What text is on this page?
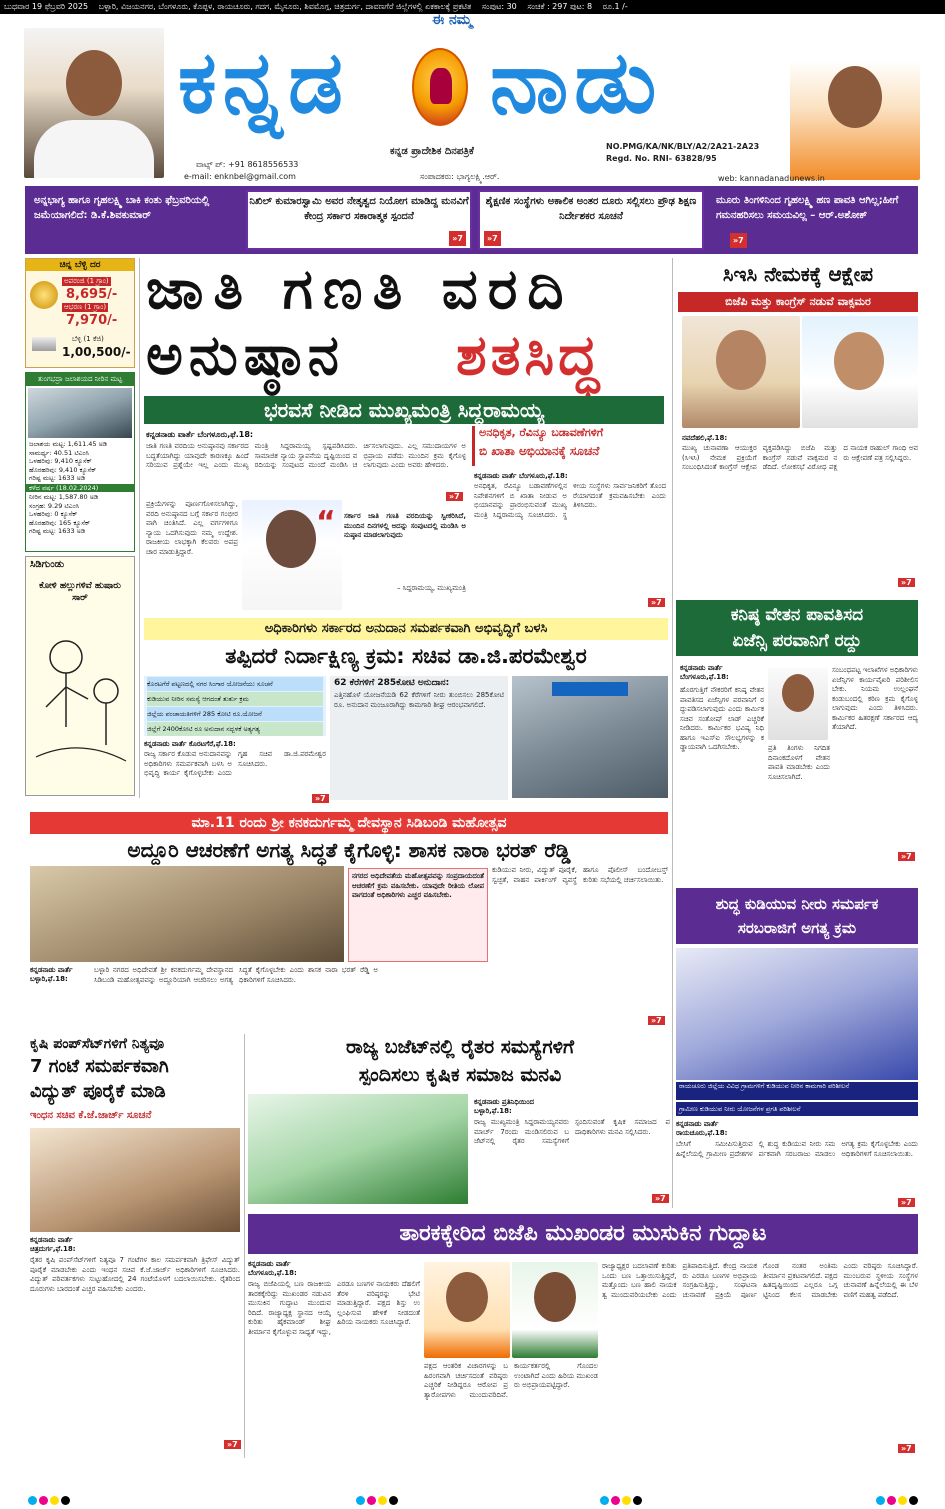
ಬುಧವಾರ 19 ಫೆಬ್ರವರಿ 2025 ಬಳ್ಳಾರಿ, ವಿಜಯನಗರ, ಬೆಂಗಳೂರು, ಕೊಪ್ಪಳ, ರಾಯಚೂರು, ಗದಗ, ಮೈಸೂರು, ಶಿವಮೊಗ್ಗ, ಚಿತ್ರದುರ್ಗ, ದಾವಣಗೆರೆ ಜಿಲ್ಲೆಗಳಲ್ಲಿ ಏಕಕಾಲಕ್ಕೆ ಪ್ರಕಟಿತ ಸಂಪುಟ: 30 ಸಂಚಿಕೆ : 297 ಪುಟ: 8 ರೂ.1 /-
ಈ ನಮ್ಮ
ಕನ್ನಡ ನಾಡು
ಕನ್ನಡ ಪ್ರಾದೇಶಿಕ ದಿನಪತ್ರಿಕೆ
ಸಂಪಾದಕರು: ಭಾಗ್ಯಲಕ್ಷ್ಮಿ.ಆರ್.
ವಾಟ್ಸ್ ಪ್: +91 8618556533
e-mail: enknbel@gmail.com
NO.PMG/KA/NK/BLY/A2/2A21-2A23
Regd. No. RNI- 63828/95
web: kannadanadunews.in
ಅನ್ನಭಾಗ್ಯ ಹಾಗೂ ಗೃಹಲಕ್ಷ್ಮಿ ಬಾಕಿ ಕಂತು ಫೆಬ್ರವರಿಯಲ್ಲಿ ಜಮೆಯಾಗಲಿದೆ: ಡಿ.ಕೆ.ಶಿವಕುಮಾರ್
ನಿಖಿಲ್ ಕುಮಾರಸ್ವಾಮಿ ಅವರ ನೇತೃತ್ವದ ನಿಯೋಗ ಮಾಡಿದ್ದ ಮನವಿಗೆ ಕೇಂದ್ರ ಸರ್ಕಾರ ಸಕಾರಾತ್ಮಕ ಸ್ಪಂದನೆ
»7
ಶೈಕ್ಷಣಿಕ ಸಂಸ್ಥೆಗಳು ಅಕಾಲಿಕ ಅಂತರ ದೂರು ಸಲ್ಲಿಸಲು ಪ್ರೌಢ ಶಿಕ್ಷಣ ನಿರ್ದೇಶಕರ ಸೂಚನೆ
»7
ಮೂರು ತಿಂಗಳಿನಿಂದ ಗೃಹಲಕ್ಷ್ಮಿ ಹಣ ಪಾವತಿ ಆಗಿಲ್ಲ;ಹೀಗೆ ಗಮನಹರಿಸಲು ಸಮಯವಿಲ್ಲ – ಆರ್.ಅಶೋಕ್
»7
ಚಿನ್ನ ಬೆಳ್ಳಿ ದರ
ಅಪರಂಜಿ (1 ಗ್ರಾಂ)
8,695/-
ಆಭರಣ (1 ಗ್ರಾಂ)
7,970/-
ಬೆಳ್ಳಿ (1 ಕೆಜಿ)
1,00,500/-
ತುಂಗಭದ್ರಾ ಜಲಾಶಯದ ನೀರಿನ ಮಟ್ಟ
ಜಲಾಶಯ ಮಟ್ಟ: 1,611.45 ಅಡಿ
ಸಾಮರ್ಥ್ಯ: 40.51 ಟಿಎಂಸಿ
ಒಳಹರಿವು: 9,410 ಕ್ಯೂಸೆಕ್
ಹೊರಹರಿವು: 9,410 ಕ್ಯೂಸೆಕ್
ಗರಿಷ್ಟ ಮಟ್ಟ: 1633 ಅಡಿ
ಕಳೆದ ವರ್ಷ (18.02.2024)
ನೀರಿನ ಮಟ್ಟ: 1,587.80 ಅಡಿ
ಸಂಗ್ರಹ: 9.29 ಟಿಎಂಸಿ
ಒಳಹರಿವು: 0 ಕ್ಯೂಸೆಕ್
ಹೊರಹರಿವು: 165 ಕ್ಯೂಸೆಕ್
ಗರಿಷ್ಟ ಮಟ್ಟ: 1633 ಅಡಿ
ಸಿಡಿಗುಂಡು
ಕೋಳಿ ಹಲ್ಲುಗಳಿವೆ ಹುಷಾರು ಸಾರ್
ಜಾತಿ ಗಣತಿ ವರದಿ
ಅನುಷ್ಠಾನ ಶತಸಿದ್ಧ
ಭರವಸೆ ನೀಡಿದ ಮುಖ್ಯಮಂತ್ರಿ ಸಿದ್ದರಾಮಯ್ಯ
ಕನ್ನಡನಾಡು ವಾರ್ತೆ ಬೆಂಗಳೂರು,ಫೆ.18:
ಜಾತಿ ಗಣತಿ ವರದಿಯ ಅನುಷ್ಠಾನವು ಸರ್ಕಾರದ ಬದ್ಧತೆಯಾಗಿದ್ದು ಯಾವುದೇ ಕಾರಣಕ್ಕೂ ಹಿಂದೆ ಸರಿಯುವ ಪ್ರಶ್ನೆಯೇ ಇಲ್ಲ ಎಂದು ಮುಖ್ಯಮಂತ್ರಿ ಸಿದ್ದರಾಮಯ್ಯ ಸ್ಪಷ್ಟಪಡಿಸಿದರು. ಸಾಮಾಜಿಕ ನ್ಯಾಯ ಸ್ಥಾಪನೆಯ ದೃಷ್ಟಿಯಿಂದ ವರದಿಯನ್ನು ಸಂಪುಟದ ಮುಂದೆ ಮಂಡಿಸಿ ಚರ್ಚಿಸಲಾಗುವುದು. ಎಲ್ಲ ಸಮುದಾಯಗಳ ಅಭಿಪ್ರಾಯ ಪಡೆದು ಮುಂದಿನ ಕ್ರಮ ಕೈಗೊಳ್ಳಲಾಗುವುದು ಎಂದು ಅವರು ಹೇಳಿದರು.
“ ಸರ್ಕಾರ ಜಾತಿ ಗಣತಿ ವರದಿಯನ್ನು ಸ್ವೀಕರಿಸಿದೆ, ಮುಂದಿನ ದಿನಗಳಲ್ಲಿ ಅದನ್ನು ಸಂಪುಟದಲ್ಲಿ ಮಂಡಿಸಿ ಅನುಷ್ಠಾನ ಮಾಡಲಾಗುವುದು
– ಸಿದ್ದರಾಮಯ್ಯ, ಮುಖ್ಯಮಂತ್ರಿ
ಪ್ರಕ್ರಿಯೆಗಳನ್ನು ಪೂರ್ಣಗೊಳಿಸಲಾಗಿದ್ದು, ವರದಿ ಅನುಷ್ಠಾನದ ಬಗ್ಗೆ ಸರ್ಕಾರ ಗಂಭೀರವಾಗಿ ಚಿಂತಿಸಿದೆ. ಎಲ್ಲ ವರ್ಗಗಳಿಗೂ ನ್ಯಾಯ ಒದಗಿಸುವುದು ನಮ್ಮ ಉದ್ದೇಶ. ರಾಜಕೀಯ ಲಾಭಕ್ಕಾಗಿ ಕೆಲವರು ಅಪಪ್ರಚಾರ ಮಾಡುತ್ತಿದ್ದಾರೆ.
»7
ಅನಧಿಕೃತ, ರೆವಿನ್ಯೂ ಬಡಾವಣೆಗಳಿಗೆ
ಬಿ ಖಾತಾ ಅಭಿಯಾನಕ್ಕೆ ಸೂಚನೆ
ಕನ್ನಡನಾಡು ವಾರ್ತೆ ಬೆಂಗಳೂರು,ಫೆ.18:
ಅನಧಿಕೃತ, ರೆವಿನ್ಯೂ ಬಡಾವಣೆಗಳಲ್ಲಿನ ನಿವೇಶನಗಳಿಗೆ ಬಿ ಖಾತಾ ನೀಡುವ ಅಭಿಯಾನವನ್ನು ಪ್ರಾರಂಭಿಸುವಂತೆ ಮುಖ್ಯಮಂತ್ರಿ ಸಿದ್ದರಾಮಯ್ಯ ಸೂಚಿಸಿದರು. ಸ್ಥಳೀಯ ಸಂಸ್ಥೆಗಳು ಸಾರ್ವಜನಿಕರಿಗೆ ತೊಂದರೆಯಾಗದಂತೆ ಕ್ರಮವಹಿಸಬೇಕು ಎಂದು ತಿಳಿಸಿದರು.
»7
ಸಿಇಸಿ ನೇಮಕಕ್ಕೆ ಆಕ್ಷೇಪ
ಬಿಜೆಪಿ ಮತ್ತು ಕಾಂಗ್ರೆಸ್ ನಡುವೆ ವಾಕ್ಸಮರ
ನವದೆಹಲಿ,ಫೆ.18:
ಮುಖ್ಯ ಚುನಾವಣಾ ಆಯುಕ್ತರ (ಸಿಇಸಿ) ನೇಮಕ ಪ್ರಕ್ರಿಯೆಗೆ ಸಂಬಂಧಿಸಿದಂತೆ ಕಾಂಗ್ರೆಸ್ ಆಕ್ಷೇಪ ವ್ಯಕ್ತಪಡಿಸಿದ್ದು ಬಿಜೆಪಿ ಮತ್ತು ಕಾಂಗ್ರೆಸ್ ನಡುವೆ ವಾಕ್ಸಮರ ನಡೆದಿದೆ. ಲೋಕಸಭೆ ವಿರೋಧ ಪಕ್ಷದ ನಾಯಕ ರಾಹುಲ್ ಗಾಂಧಿ ಅವರು ಆಕ್ಷೇಪಣೆ ಪತ್ರ ಸಲ್ಲಿಸಿದ್ದರು.
»7
ಕನಿಷ್ಠ ವೇತನ ಪಾವತಿಸದ
ಏಜೆನ್ಸಿ ಪರವಾನಿಗೆ ರದ್ದು
ಕನ್ನಡನಾಡು ವಾರ್ತೆ
ಬೆಂಗಳೂರು,ಫೆ.18:
ಹೊರಗುತ್ತಿಗೆ ನೌಕರರಿಗೆ ಕನಿಷ್ಠ ವೇತನ ಪಾವತಿಸದ ಏಜೆನ್ಸಿಗಳ ಪರವಾನಿಗೆ ರದ್ದುಪಡಿಸಲಾಗುವುದು ಎಂದು ಕಾರ್ಮಿಕ ಸಚಿವ ಸಂತೋಷ್ ಲಾಡ್ ಎಚ್ಚರಿಕೆ ನೀಡಿದರು. ಕಾರ್ಮಿಕರ ಭವಿಷ್ಯ ನಿಧಿ ಹಾಗೂ ಇಎಸ್ಐ ಸೌಲಭ್ಯಗಳನ್ನು ಕಡ್ಡಾಯವಾಗಿ ಒದಗಿಸಬೇಕು.
ಸಂಬಂಧಪಟ್ಟ ಇಲಾಖೆಗಳ ಅಧಿಕಾರಿಗಳು ಏಜೆನ್ಸಿಗಳ ಕಾರ್ಯವೈಖರಿ ಪರಿಶೀಲಿಸಬೇಕು. ನಿಯಮ ಉಲ್ಲಂಘನೆ ಕಂಡುಬಂದಲ್ಲಿ ಕಠಿಣ ಕ್ರಮ ಕೈಗೊಳ್ಳಲಾಗುವುದು ಎಂದು ತಿಳಿಸಿದರು. ಕಾರ್ಮಿಕರ ಹಿತರಕ್ಷಣೆ ಸರ್ಕಾರದ ಆದ್ಯತೆಯಾಗಿದೆ.
ಪ್ರತಿ ತಿಂಗಳು ನಿಗದಿತ ದಿನಾಂಕದೊಳಗೆ ವೇತನ ಪಾವತಿ ಮಾಡಬೇಕು ಎಂದು ಸೂಚಿಸಲಾಗಿದೆ.
»7
ಅಧಿಕಾರಿಗಳು ಸರ್ಕಾರದ ಅನುದಾನ ಸಮರ್ಪಕವಾಗಿ ಅಭಿವೃದ್ಧಿಗೆ ಬಳಸಿ
ತಪ್ಪಿದರೆ ನಿರ್ದಾಕ್ಷಿಣ್ಯ ಕ್ರಮ: ಸಚಿವ ಡಾ.ಜಿ.ಪರಮೇಶ್ವರ
ಕೊರಟಗೆರೆ ಪಟ್ಟಣದಲ್ಲಿ ನಗರ ಸಿಂಗಾರ ಯೋಜನೆಯು ಸೂಚನೆ
ಕುಡಿಯುವ ನೀರಿನ ಸಮಸ್ಯೆ ಆಗದಂತೆ ತುರ್ತು ಕ್ರಮ
ಜಿಲ್ಲೆಯ ಪಂಚಾಯತಿಗಳಿಗೆ 285 ಕೋಟಿ ರೂ.ಯೋಜನೆ
ಜಿಲ್ಲೆಗೆ 2400ಕೋಟಿ ರೂ ಅನುದಾನ ಸದ್ಬಳಕೆ ಅತ್ಯಗತ್ಯ
62 ಕೆರೆಗಳಿಗೆ 285ಕೋಟಿ ಅನುದಾನ:
ಎತ್ತಿನಹೊಳೆ ಯೋಜನೆಯಡಿ 62 ಕೆರೆಗಳಿಗೆ ನೀರು ತುಂಬಿಸಲು 285ಕೋಟಿ ರೂ. ಅನುದಾನ ಮಂಜೂರಾಗಿದ್ದು ಕಾಮಗಾರಿ ಶೀಘ್ರ ಆರಂಭವಾಗಲಿದೆ.
ಕನ್ನಡನಾಡು ವಾರ್ತೆ ಕೊರಟಗೆರೆ,ಫೆ.18:
ರಾಜ್ಯ ಸರ್ಕಾರ ಕೊಡುವ ಅನುದಾನವನ್ನು ಅಧಿಕಾರಿಗಳು ಸಮರ್ಪಕವಾಗಿ ಬಳಸಿ ಅಭಿವೃದ್ಧಿ ಕಾರ್ಯ ಕೈಗೊಳ್ಳಬೇಕು ಎಂದು ಗೃಹ ಸಚಿವ ಡಾ.ಜಿ.ಪರಮೇಶ್ವರ ಸೂಚಿಸಿದರು.
»7
ಮಾ.11 ರಂದು ಶ್ರೀ ಕನಕದುರ್ಗಮ್ಮ ದೇವಸ್ಥಾನ ಸಿಡಿಬಂಡಿ ಮಹೋತ್ಸವ
ಅದ್ದೂರಿ ಆಚರಣೆಗೆ ಅಗತ್ಯ ಸಿದ್ಧತೆ ಕೈಗೊಳ್ಳಿ: ಶಾಸಕ ನಾರಾ ಭರತ್ ರೆಡ್ಡಿ
ನಗರದ ಅಧಿದೇವತೆಯ ಮಹೋತ್ಸವವನ್ನು ಸಂಪ್ರದಾಯದಂತೆ ಆಚರಣೆಗೆ ಕ್ರಮ ವಹಿಸಬೇಕು. ಯಾವುದೇ ರೀತಿಯ ಲೋಪವಾಗದಂತೆ ಅಧಿಕಾರಿಗಳು ಎಚ್ಚರ ವಹಿಸಬೇಕು.
ಕುಡಿಯುವ ನೀರು, ವಿದ್ಯುತ್ ಪೂರೈಕೆ, ಸ್ವಚ್ಛತೆ, ವಾಹನ ಪಾರ್ಕಿಂಗ್ ವ್ಯವಸ್ಥೆ ಹಾಗೂ ಪೊಲೀಸ್ ಬಂದೋಬಸ್ತ್ ಕುರಿತು ಸಭೆಯಲ್ಲಿ ಚರ್ಚಿಸಲಾಯಿತು.
ಕನ್ನಡನಾಡು ವಾರ್ತೆ
ಬಳ್ಳಾರಿ,ಫೆ.18:
ಬಳ್ಳಾರಿ ನಗರದ ಅಧಿದೇವತೆ ಶ್ರೀ ಕನಕದುರ್ಗಮ್ಮ ದೇವಸ್ಥಾನದ ಸಿಡಿಬಂಡಿ ಮಹೋತ್ಸವವನ್ನು ಅದ್ದೂರಿಯಾಗಿ ಆಚರಿಸಲು ಅಗತ್ಯ ಸಿದ್ಧತೆ ಕೈಗೊಳ್ಳಬೇಕು ಎಂದು ಶಾಸಕ ನಾರಾ ಭರತ್ ರೆಡ್ಡಿ ಅಧಿಕಾರಿಗಳಿಗೆ ಸೂಚಿಸಿದರು.
»7
ಶುದ್ಧ ಕುಡಿಯುವ ನೀರು ಸಮರ್ಪಕ
ಸರಬರಾಜಿಗೆ ಅಗತ್ಯ ಕ್ರಮ
ರಾಯಚೂರು ಜಿಲ್ಲೆಯ ವಿವಿಧ ಗ್ರಾಮಗಳಿಗೆ ಕುಡಿಯುವ ನೀರಿನ ಕಾಮಗಾರಿ ಪರಿಶೀಲನೆ
ಗ್ರಾಮೀಣ ಕುಡಿಯುವ ನೀರು ಯೋಜನೆಗಳ ಪ್ರಗತಿ ಪರಿಶೀಲನೆ
ಕನ್ನಡನಾಡು ವಾರ್ತೆ
ರಾಯಚೂರು,ಫೆ.18:
ಬೇಸಿಗೆ ಸಮೀಪಿಸುತ್ತಿರುವ ಹಿನ್ನೆಲೆಯಲ್ಲಿ ಗ್ರಾಮೀಣ ಪ್ರದೇಶಗಳಲ್ಲಿ ಶುದ್ಧ ಕುಡಿಯುವ ನೀರು ಸಮರ್ಪಕವಾಗಿ ಸರಬರಾಜು ಮಾಡಲು ಅಗತ್ಯ ಕ್ರಮ ಕೈಗೊಳ್ಳಬೇಕು ಎಂದು ಅಧಿಕಾರಿಗಳಿಗೆ ಸೂಚಿಸಲಾಯಿತು.
»7
ಕೃಷಿ ಪಂಪ್‌ಸೆಟ್‌ಗಳಿಗೆ ನಿತ್ಯವೂ
7 ಗಂಟೆ ಸಮರ್ಪಕವಾಗಿ
ವಿದ್ಯುತ್ ಪೂರೈಕೆ ಮಾಡಿ
ಇಂಧನ ಸಚಿವ ಕೆ.ಜೆ.ಜಾರ್ಜ್ ಸೂಚನೆ
ಕನ್ನಡನಾಡು ವಾರ್ತೆ
ಚಿತ್ರದುರ್ಗ,ಫೆ.18:
ರೈತರ ಕೃಷಿ ಪಂಪ್‌ಸೆಟ್‌ಗಳಿಗೆ ನಿತ್ಯವೂ 7 ಗಂಟೆಗಳ ಕಾಲ ಸಮರ್ಪಕವಾಗಿ ತ್ರಿಫೇಸ್ ವಿದ್ಯುತ್ ಪೂರೈಕೆ ಮಾಡಬೇಕು ಎಂದು ಇಂಧನ ಸಚಿವ ಕೆ.ಜೆ.ಜಾರ್ಜ್ ಅಧಿಕಾರಿಗಳಿಗೆ ಸೂಚಿಸಿದರು. ವಿದ್ಯುತ್ ಪರಿವರ್ತಕಗಳು ಸುಟ್ಟುಹೋದಲ್ಲಿ 24 ಗಂಟೆಯೊಳಗೆ ಬದಲಾಯಿಸಬೇಕು. ರೈತರಿಂದ ದೂರುಗಳು ಬಾರದಂತೆ ಎಚ್ಚರ ವಹಿಸಬೇಕು ಎಂದರು.
»7
ರಾಜ್ಯ ಬಜೆಟ್‌ನಲ್ಲಿ ರೈತರ ಸಮಸ್ಯೆಗಳಿಗೆ
ಸ್ಪಂದಿಸಲು ಕೃಷಿಕ ಸಮಾಜ ಮನವಿ
ಕನ್ನಡನಾಡು ಪ್ರತಿನಿಧಿಯಿಂದ
ಬಳ್ಳಾರಿ,ಫೆ.18:
ರಾಜ್ಯ ಮುಖ್ಯಮಂತ್ರಿ ಸಿದ್ದರಾಮಯ್ಯನವರು ಮಾರ್ಚ್ 7ರಂದು ಮಂಡಿಸಲಿರುವ ಬಜೆಟ್‌ನಲ್ಲಿ ರೈತರ ಸಮಸ್ಯೆಗಳಿಗೆ ಸ್ಪಂದಿಸುವಂತೆ ಕೃಷಿಕ ಸಮಾಜದ ಪದಾಧಿಕಾರಿಗಳು ಮನವಿ ಸಲ್ಲಿಸಿದರು.
»7
ತಾರಕಕ್ಕೇರಿದ ಬಿಜೆಪಿ ಮುಖಂಡರ ಮುಸುಕಿನ ಗುದ್ದಾಟ
ಕನ್ನಡನಾಡು ವಾರ್ತೆ
ಬೆಂಗಳೂರು,ಫೆ.18:
ರಾಜ್ಯ ಬಿಜೆಪಿಯಲ್ಲಿ ಬಣ ರಾಜಕೀಯ ತಾರಕಕ್ಕೇರಿದ್ದು ಮುಖಂಡರ ನಡುವಿನ ಮುಸುಕಿನ ಗುದ್ದಾಟ ಮುಂದುವರಿದಿದೆ. ರಾಜ್ಯಾಧ್ಯಕ್ಷ ಸ್ಥಾನದ ಆಯ್ಕೆ ಕುರಿತು ಹೈಕಮಾಂಡ್ ಶೀಘ್ರ ತೀರ್ಮಾನ ಕೈಗೊಳ್ಳುವ ಸಾಧ್ಯತೆ ಇದ್ದು, ಎರಡೂ ಬಣಗಳ ನಾಯಕರು ದೆಹಲಿಗೆ ತೆರಳಿ ವರಿಷ್ಠರನ್ನು ಭೇಟಿ ಮಾಡುತ್ತಿದ್ದಾರೆ. ಪಕ್ಷದ ಶಿಸ್ತು ಉಲ್ಲಂಘಿಸುವ ಹೇಳಿಕೆ ನೀಡದಂತೆ ಹಿರಿಯ ನಾಯಕರು ಸೂಚಿಸಿದ್ದಾರೆ.
ಪಕ್ಷದ ಆಂತರಿಕ ವಿಚಾರಗಳನ್ನು ಬಹಿರಂಗವಾಗಿ ಚರ್ಚಿಸದಂತೆ ವರಿಷ್ಠರು ಎಚ್ಚರಿಕೆ ನೀಡಿದ್ದರೂ ಆರೋಪ ಪ್ರತ್ಯಾರೋಪಗಳು ಮುಂದುವರಿದಿವೆ. ಕಾರ್ಯಕರ್ತರಲ್ಲಿ ಗೊಂದಲ ಉಂಟಾಗಿದೆ ಎಂದು ಹಿರಿಯ ಮುಖಂಡರು ಅಭಿಪ್ರಾಯಪಟ್ಟಿದ್ದಾರೆ.
ರಾಜ್ಯಾಧ್ಯಕ್ಷರ ಬದಲಾವಣೆ ಕುರಿತು ಒಂದು ಬಣ ಒತ್ತಾಯಿಸುತ್ತಿದ್ದರೆ, ಮತ್ತೊಂದು ಬಣ ಹಾಲಿ ನಾಯಕತ್ವ ಮುಂದುವರಿಯಬೇಕು ಎಂದು ಪ್ರತಿಪಾದಿಸುತ್ತಿದೆ. ಕೇಂದ್ರ ನಾಯಕರು ಎರಡೂ ಬಣಗಳ ಅಭಿಪ್ರಾಯ ಸಂಗ್ರಹಿಸುತ್ತಿದ್ದು, ಸಂಘಟನಾ ಚುನಾವಣೆ ಪ್ರಕ್ರಿಯೆ ಪೂರ್ಣಗೊಂಡ ನಂತರ ಅಂತಿಮ ತೀರ್ಮಾನ ಪ್ರಕಟವಾಗಲಿದೆ. ಪಕ್ಷದ ಹಿತದೃಷ್ಟಿಯಿಂದ ಎಲ್ಲರೂ ಒಗ್ಗಟ್ಟಿನಿಂದ ಕೆಲಸ ಮಾಡಬೇಕು ಎಂದು ವರಿಷ್ಠರು ಸೂಚಿಸಿದ್ದಾರೆ. ಮುಂಬರುವ ಸ್ಥಳೀಯ ಸಂಸ್ಥೆಗಳ ಚುನಾವಣೆ ಹಿನ್ನೆಲೆಯಲ್ಲಿ ಈ ಬೆಳವಣಿಗೆ ಮಹತ್ವ ಪಡೆದಿದೆ.
»7
